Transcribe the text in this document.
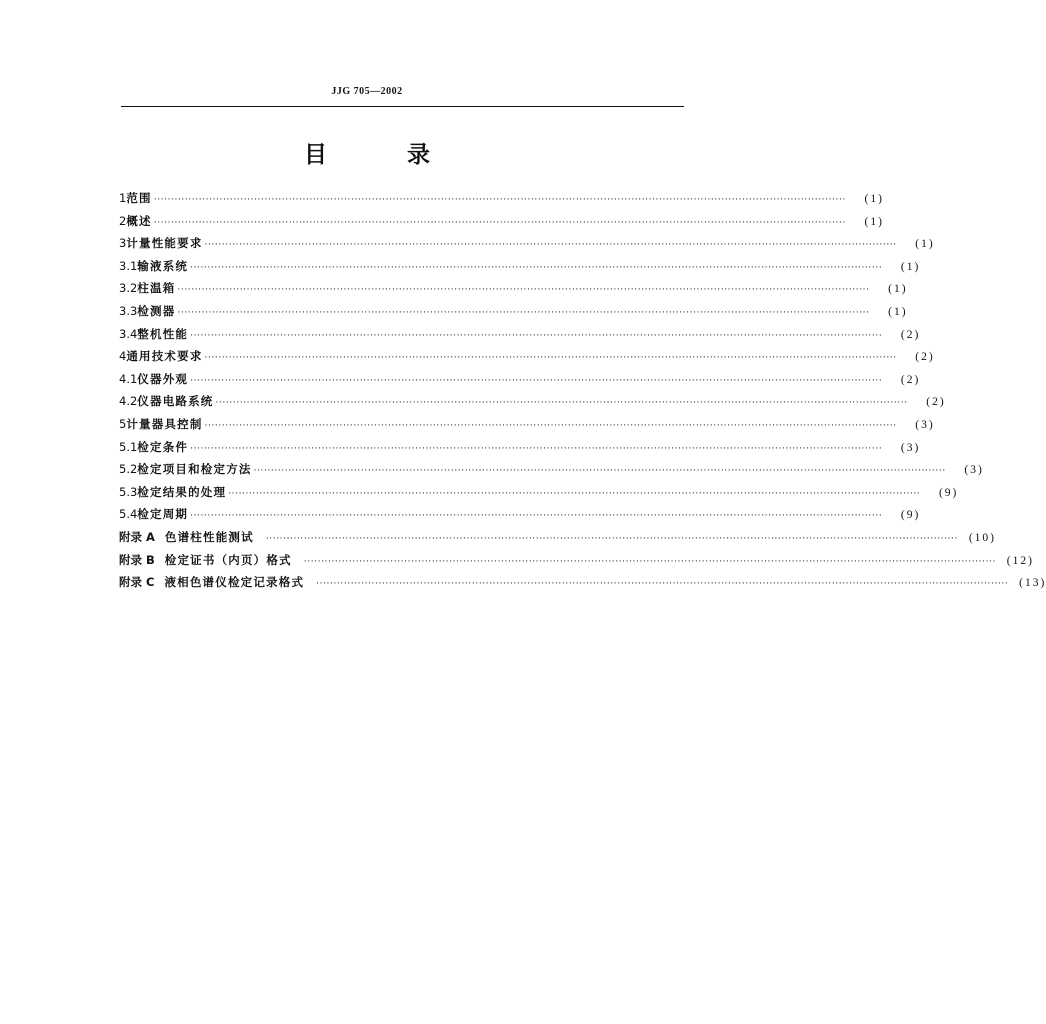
JJG 705—2002
目 录
1 范围 ········································································································································································································	(1)
2 概述 ········································································································································································································	(1)
3 计量性能要求 ········································································································································································································	(1)
3.1 输液系统 ········································································································································································································	(1)
3.2 柱温箱 ········································································································································································································	(1)
3.3 检测器 ········································································································································································································	(1)
3.4 整机性能 ········································································································································································································	(2)
4 通用技术要求 ········································································································································································································	(2)
4.1 仪器外观 ········································································································································································································	(2)
4.2 仪器电路系统 ········································································································································································································	(2)
5 计量器具控制 ········································································································································································································	(3)
5.1 检定条件 ········································································································································································································	(3)
5.2 检定项目和检定方法 ········································································································································································································	(3)
5.3 检定结果的处理 ········································································································································································································	(9)
5.4 检定周期 ········································································································································································································	(9)
附录 A 色谱柱性能测试 ········································································································································································································ (10)
附录 B 检定证书（内页）格式 ········································································································································································································ (12)
附录 C 液相色谱仪检定记录格式 ········································································································································································································ (13)
